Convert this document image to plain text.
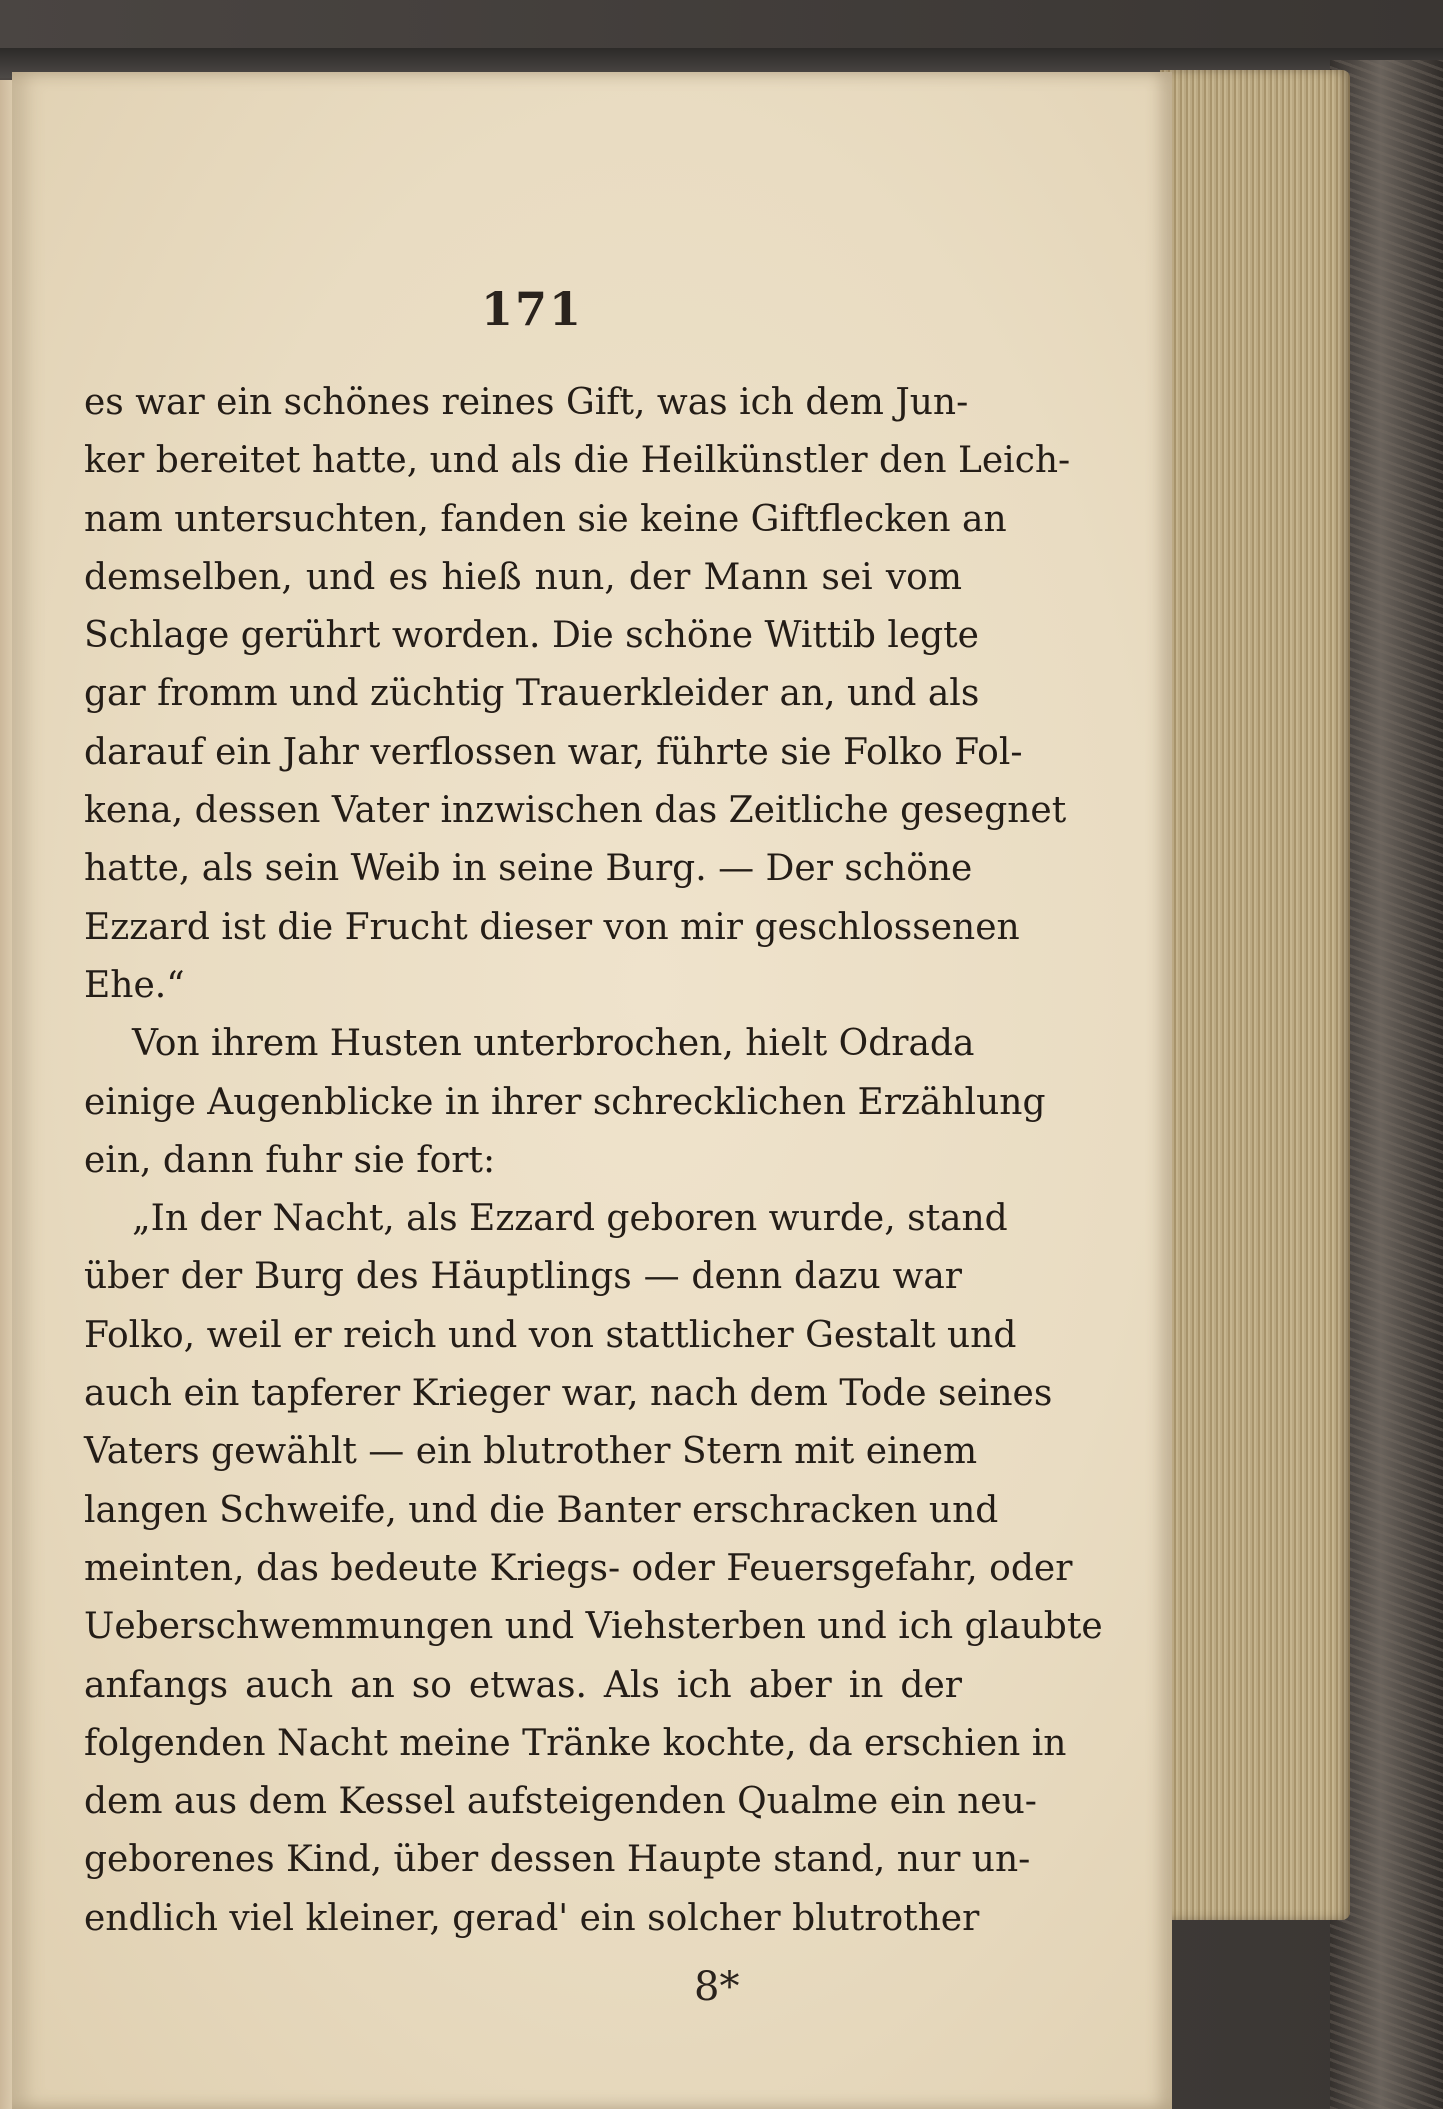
171
es war ein schönes reines Gift, was ich dem Jun-
ker bereitet hatte, und als die Heilkünstler den Leich-
nam untersuchten, fanden sie keine Giftflecken an
demselben, und es hieß nun, der Mann sei vom
Schlage gerührt worden. Die schöne Wittib legte
gar fromm und züchtig Trauerkleider an, und als
darauf ein Jahr verflossen war, führte sie Folko Fol-
kena, dessen Vater inzwischen das Zeitliche gesegnet
hatte, als sein Weib in seine Burg. — Der schöne
Ezzard ist die Frucht dieser von mir geschlossenen
Ehe.“
Von ihrem Husten unterbrochen, hielt Odrada
einige Augenblicke in ihrer schrecklichen Erzählung
ein, dann fuhr sie fort:
„In der Nacht, als Ezzard geboren wurde, stand
über der Burg des Häuptlings — denn dazu war
Folko, weil er reich und von stattlicher Gestalt und
auch ein tapferer Krieger war, nach dem Tode seines
Vaters gewählt — ein blutrother Stern mit einem
langen Schweife, und die Banter erschracken und
meinten, das bedeute Kriegs- oder Feuersgefahr, oder
Ueberschwemmungen und Viehsterben und ich glaubte
anfangs auch an so etwas. Als ich aber in der
folgenden Nacht meine Tränke kochte, da erschien in
dem aus dem Kessel aufsteigenden Qualme ein neu-
geborenes Kind, über dessen Haupte stand, nur un-
endlich viel kleiner, gerad' ein solcher blutrother
8*
